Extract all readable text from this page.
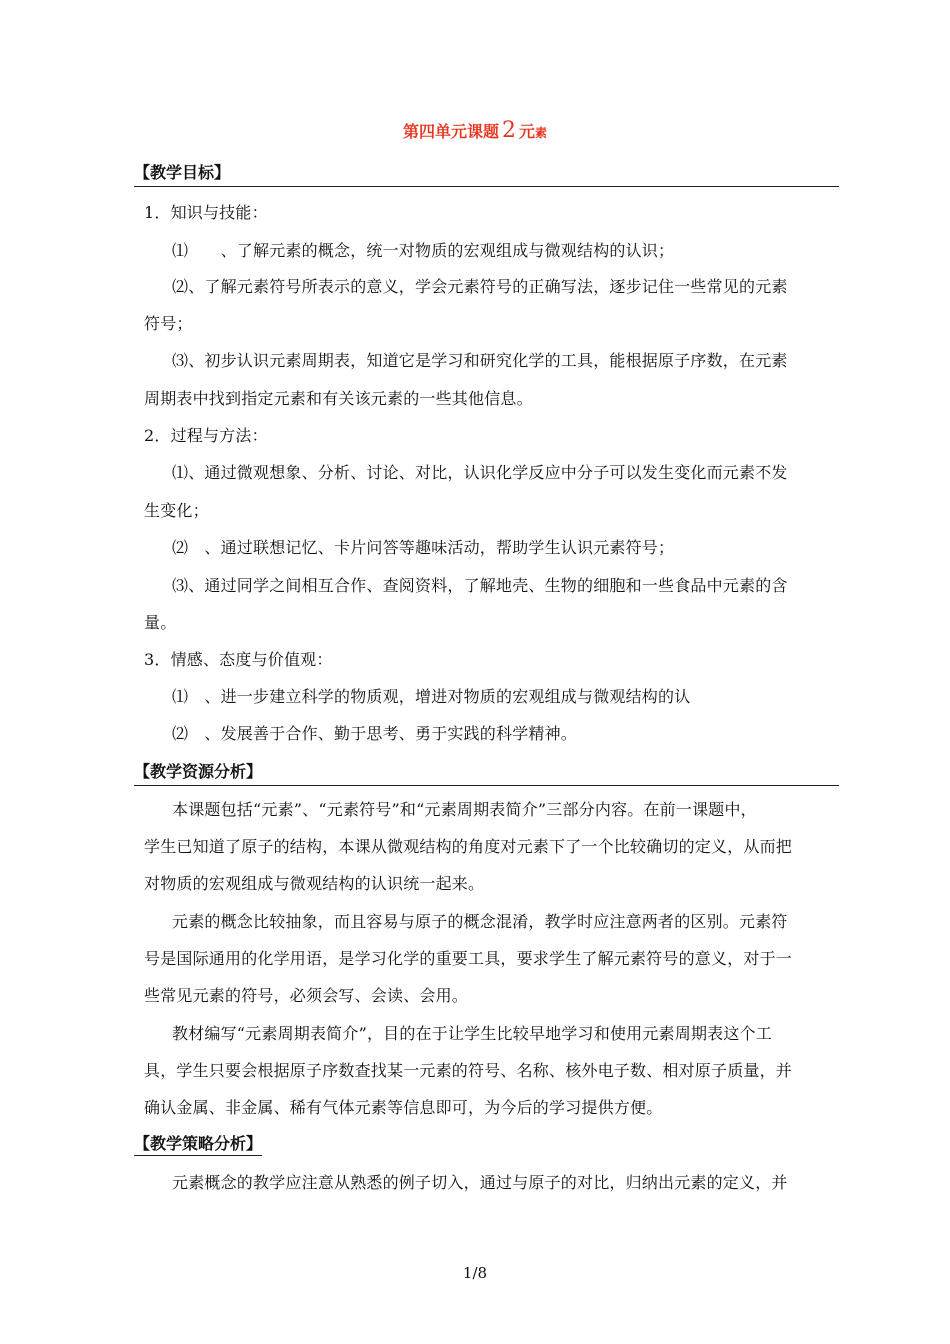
第四单元课题 2 元素
【教学目标】
1．知识与技能：
⑴　　、了解元素的概念，统一对物质的宏观组成与微观结构的认识；
⑵、了解元素符号所表示的意义，学会元素符号的正确写法，逐步记住一些常见的元素
符号；
⑶、初步认识元素周期表，知道它是学习和研究化学的工具，能根据原子序数，在元素
周期表中找到指定元素和有关该元素的一些其他信息。
2．过程与方法：
⑴、通过微观想象、分析、讨论、对比，认识化学反应中分子可以发生变化而元素不发
生变化；
⑵　、通过联想记忆、卡片问答等趣味活动，帮助学生认识元素符号；
⑶、通过同学之间相互合作、查阅资料，了解地壳、生物的细胞和一些食品中元素的含
量。
3．情感、态度与价值观：
⑴　、进一步建立科学的物质观，增进对物质的宏观组成与微观结构的认
⑵　、发展善于合作、勤于思考、勇于实践的科学精神。
【教学资源分析】
本课题包括“元素”、“元素符号”和“元素周期表简介”三部分内容。在前一课题中，
学生已知道了原子的结构，本课从微观结构的角度对元素下了一个比较确切的定义，从而把
对物质的宏观组成与微观结构的认识统一起来。
元素的概念比较抽象，而且容易与原子的概念混淆，教学时应注意两者的区别。元素符
号是国际通用的化学用语，是学习化学的重要工具，要求学生了解元素符号的意义，对于一
些常见元素的符号，必须会写、会读、会用。
教材编写“元素周期表简介”，目的在于让学生比较早地学习和使用元素周期表这个工
具，学生只要会根据原子序数查找某一元素的符号、名称、核外电子数、相对原子质量，并
确认金属、非金属、稀有气体元素等信息即可，为今后的学习提供方便。
【教学策略分析】
元素概念的教学应注意从熟悉的例子切入，通过与原子的对比，归纳出元素的定义，并
1/8
